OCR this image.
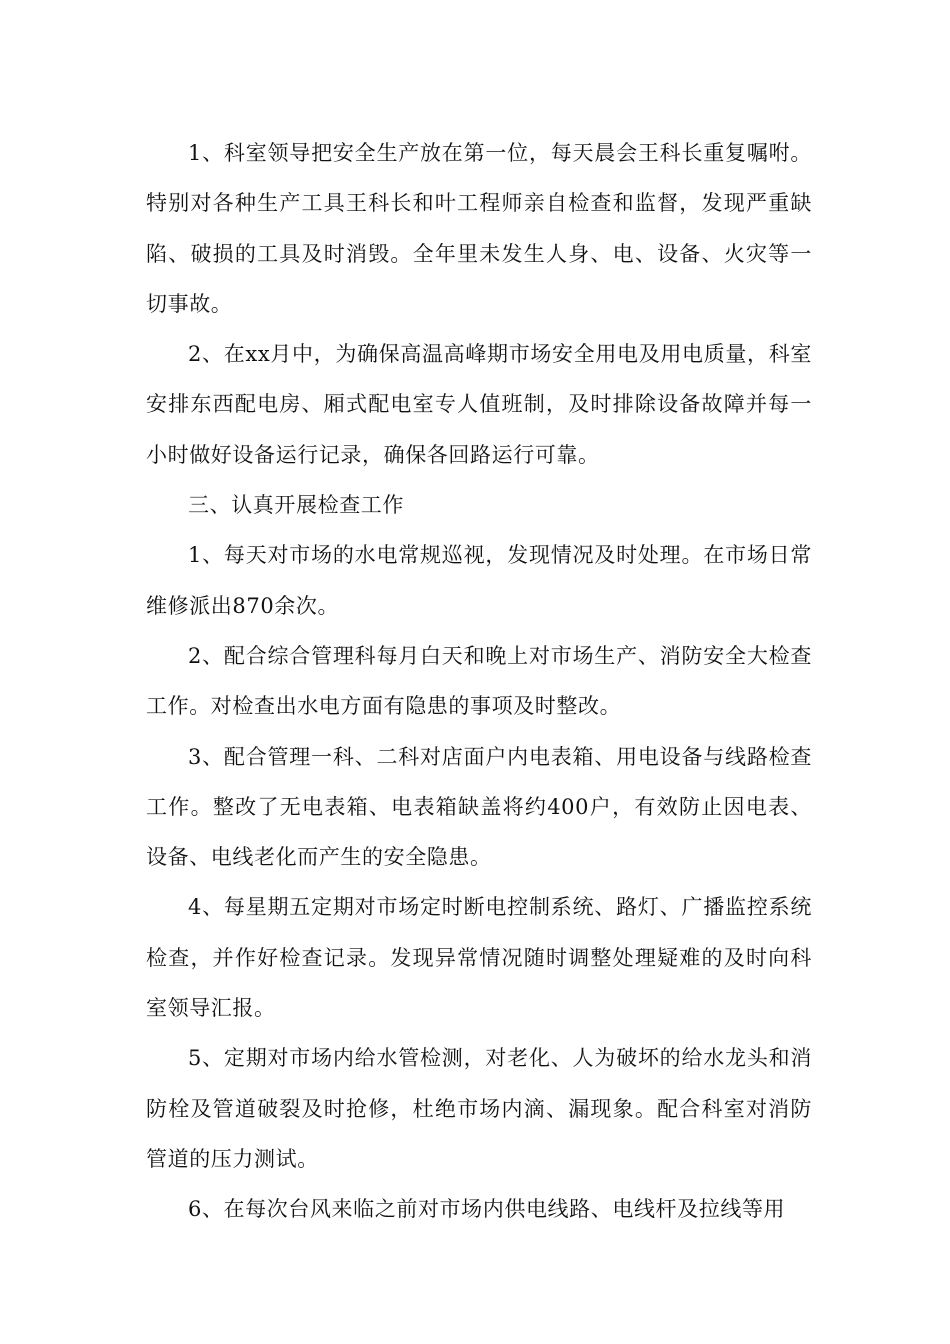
1、科室领导把安全生产放在第一位，每天晨会王科长重复嘱咐。特别对各种生产工具王科长和叶工程师亲自检查和监督，发现严重缺陷、破损的工具及时消毁。全年里未发生人身、电、设备、火灾等一切事故。

2、在xx月中，为确保高温高峰期市场安全用电及用电质量，科室安排东西配电房、厢式配电室专人值班制，及时排除设备故障并每一小时做好设备运行记录，确保各回路运行可靠。

三、认真开展检查工作

1、每天对市场的水电常规巡视，发现情况及时处理。在市场日常维修派出870余次。

2、配合综合管理科每月白天和晚上对市场生产、消防安全大检查工作。对检查出水电方面有隐患的事项及时整改。

3、配合管理一科、二科对店面户内电表箱、用电设备与线路检查工作。整改了无电表箱、电表箱缺盖将约400户，有效防止因电表、设备、电线老化而产生的安全隐患。

4、每星期五定期对市场定时断电控制系统、路灯、广播监控系统检查，并作好检查记录。发现异常情况随时调整处理疑难的及时向科室领导汇报。

5、定期对市场内给水管检测，对老化、人为破坏的给水龙头和消防栓及管道破裂及时抢修，杜绝市场内滴、漏现象。配合科室对消防管道的压力测试。

6、在每次台风来临之前对市场内供电线路、电线杆及拉线等用
